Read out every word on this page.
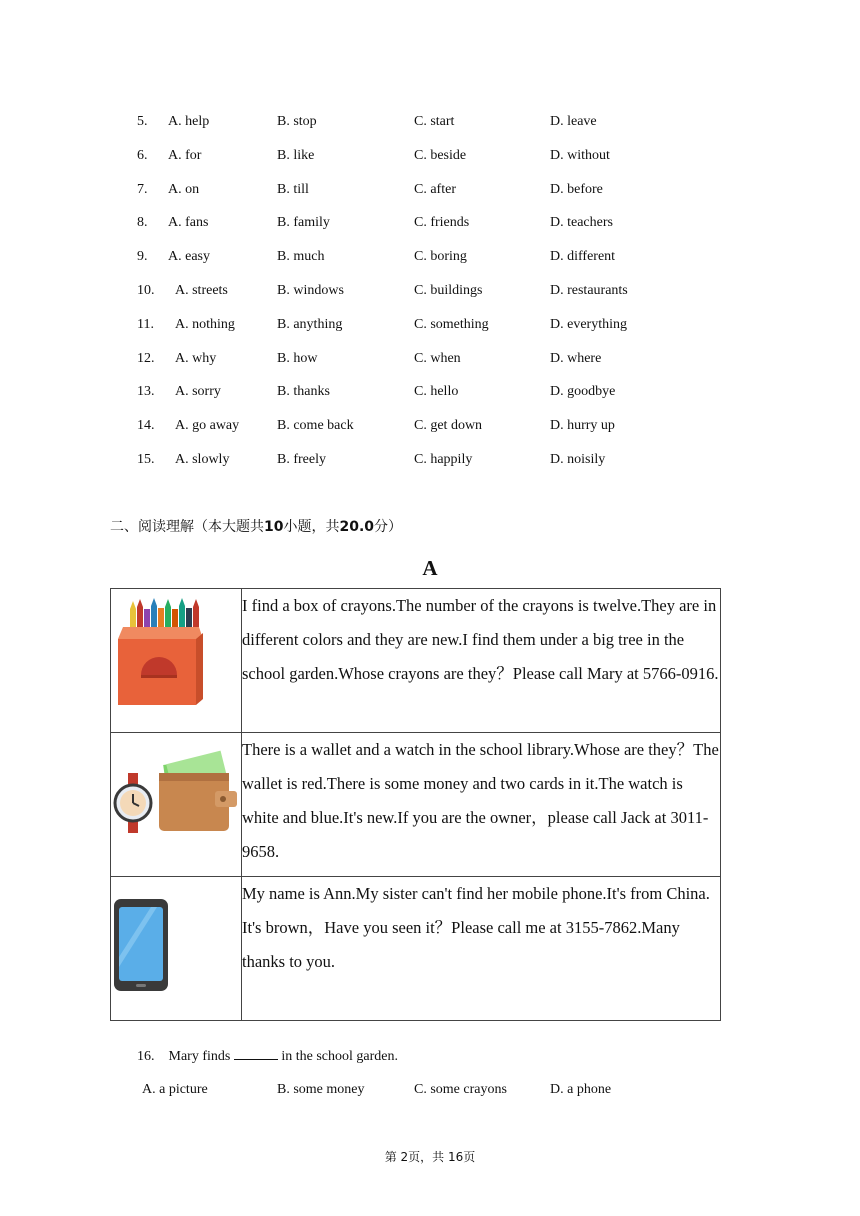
5. A. help	B. stop	C. start	D. leave
6. A. for	B. like	C. beside	D. without
7. A. on	B. till	C. after	D. before
8. A. fans	B. family	C. friends	D. teachers
9. A. easy	B. much	C. boring	D. different
10. A. streets	B. windows	C. buildings	D. restaurants
11. A. nothing	B. anything	C. something	D. everything
12. A. why	B. how	C. when	D. where
13. A. sorry	B. thanks	C. hello	D. goodbye
14. A. go away	B. come back	C. get down	D. hurry up
15. A. slowly	B. freely	C. happily	D. noisily
二、阅读理解（本大题共10小题，共20.0分）
A
	I find a box of crayons.The number of the crayons is twelve.They are in different colors and they are new.I find them under a big tree in the school garden.Whose crayons are they？Please call Mary at 5766-0916.
	There is a wallet and a watch in the school library.Whose are they？The wallet is red.There is some money and two cards in it.The watch is white and blue.It's new.If you are the owner，please call Jack at 3011-9658.

My name is Ann.My sister can't find her mobile phone.It's from China.

It's brown，Have you seen it？Please call me at 3155-7862.Many thanks to you.

16. Mary finds	in the school garden.
A. a picture	B. some money	C. some crayons	D. a phone
第 2页，共 16页
